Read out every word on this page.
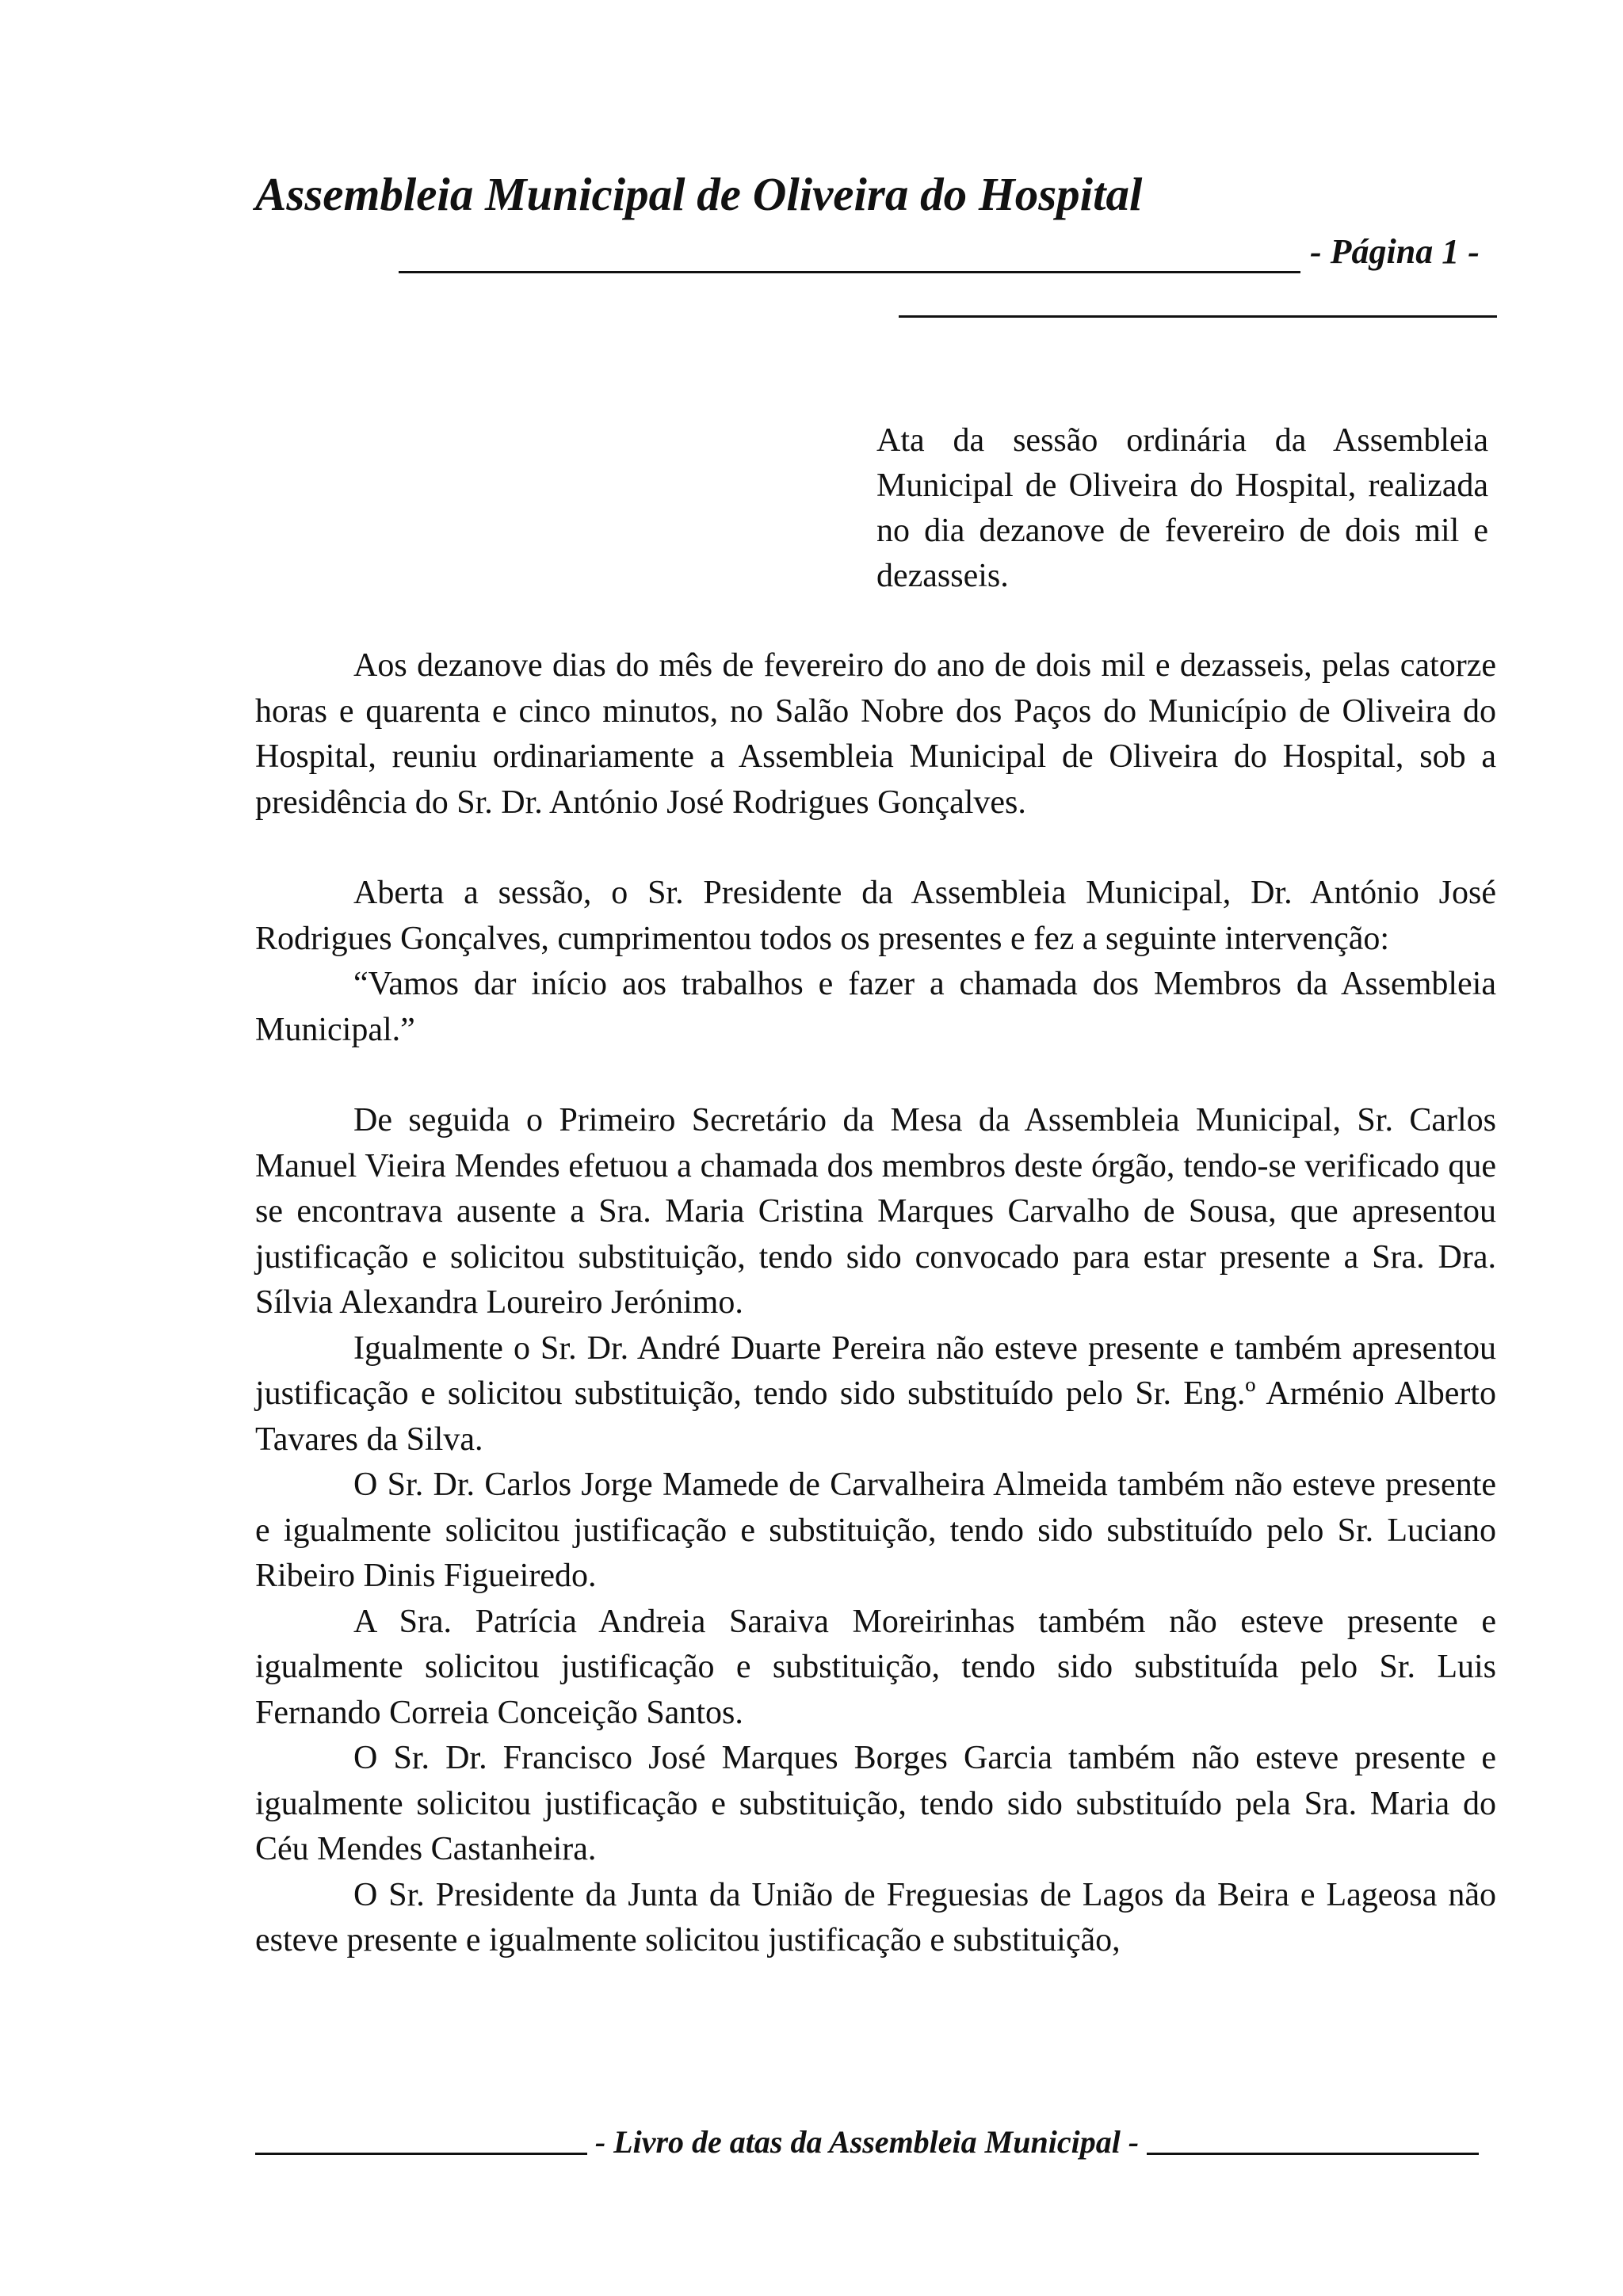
Assembleia Municipal de Oliveira do Hospital
- Página 1 -
Ata da sessão ordinária da Assembleia Municipal de Oliveira do Hospital, realizada no dia dezanove de fevereiro de dois mil e dezasseis.

Aos dezanove dias do mês de fevereiro do ano de dois mil e dezasseis, pelas catorze horas e quarenta e cinco minutos, no Salão Nobre dos Paços do Município de Oliveira do Hospital, reuniu ordinariamente a Assembleia Municipal de Oliveira do Hospital, sob a presidência do Sr. Dr. António José Rodrigues Gonçalves.

Aberta a sessão, o Sr. Presidente da Assembleia Municipal, Dr. António José Rodrigues Gonçalves, cumprimentou todos os presentes e fez a seguinte intervenção:

“Vamos dar início aos trabalhos e fazer a chamada dos Membros da Assembleia Municipal.”

De seguida o Primeiro Secretário da Mesa da Assembleia Municipal, Sr. Carlos Manuel Vieira Mendes efetuou a chamada dos membros deste órgão, tendo-se verificado que se encontrava ausente a Sra. Maria Cristina Marques Carvalho de Sousa, que apresentou justificação e solicitou substituição, tendo sido convocado para estar presente a Sra. Dra. Sílvia Alexandra Loureiro Jerónimo.

Igualmente o Sr. Dr. André Duarte Pereira não esteve presente e também apresentou justificação e solicitou substituição, tendo sido substituído pelo Sr. Eng.º Arménio Alberto Tavares da Silva.

O Sr. Dr. Carlos Jorge Mamede de Carvalheira Almeida também não esteve presente e igualmente solicitou justificação e substituição, tendo sido substituído pelo Sr. Luciano Ribeiro Dinis Figueiredo.

A Sra. Patrícia Andreia Saraiva Moreirinhas também não esteve presente e igualmente solicitou justificação e substituição, tendo sido substituída pelo Sr. Luis Fernando Correia Conceição Santos.

O Sr. Dr. Francisco José Marques Borges Garcia também não esteve presente e igualmente solicitou justificação e substituição, tendo sido substituído pela Sra. Maria do Céu Mendes Castanheira.

O Sr. Presidente da Junta da União de Freguesias de Lagos da Beira e Lageosa não esteve presente e igualmente solicitou justificação e substituição,

- Livro de atas da Assembleia Municipal -
